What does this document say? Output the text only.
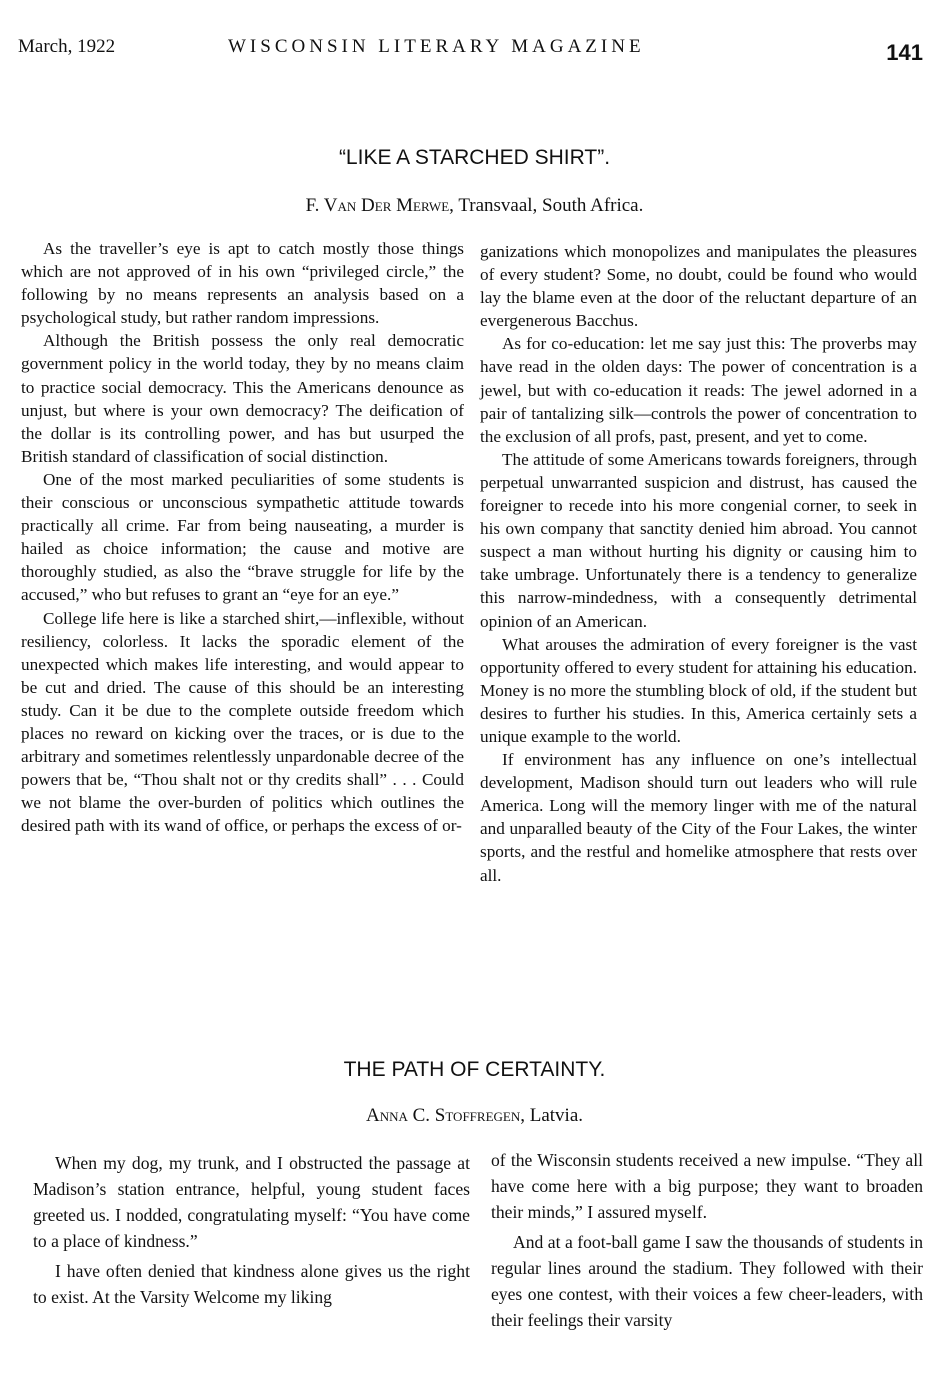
March, 1922	WISCONSIN LITERARY MAGAZINE	141
“LIKE A STARCHED SHIRT”.
F. Van Der Merwe, Transvaal, South Africa.

As the traveller’s eye is apt to catch mostly those things which are not approved of in his own “privileged circle,” the following by no means represents an analysis based on a psychological study, but rather random impressions.

Although the British possess the only real democratic government policy in the world today, they by no means claim to practice social democracy. This the Americans denounce as unjust, but where is your own democracy? The deification of the dollar is its controlling power, and has but usurped the British standard of classification of social distinction.

One of the most marked peculiarities of some students is their conscious or unconscious sympathetic attitude towards practically all crime. Far from being nauseating, a murder is hailed as choice information; the cause and motive are thoroughly studied, as also the “brave struggle for life by the accused,” who but refuses to grant an “eye for an eye.”

College life here is like a starched shirt,—inflexible, without resiliency, colorless. It lacks the sporadic element of the unexpected which makes life interesting, and would appear to be cut and dried. The cause of this should be an interesting study. Can it be due to the complete outside freedom which places no reward on kicking over the traces, or is due to the arbitrary and sometimes relentlessly unpardonable decree of the powers that be, “Thou shalt not or thy credits shall” . . . Could we not blame the over-burden of politics which outlines the desired path with its wand of office, or perhaps the excess of or-

ganizations which monopolizes and manipulates the pleasures of every student? Some, no doubt, could be found who would lay the blame even at the door of the reluctant departure of an evergenerous Bacchus.

As for co-education: let me say just this: The proverbs may have read in the olden days: The power of concentration is a jewel, but with co-education it reads: The jewel adorned in a pair of tantalizing silk—controls the power of concentration to the exclusion of all profs, past, present, and yet to come.

The attitude of some Americans towards foreigners, through perpetual unwarranted suspicion and distrust, has caused the foreigner to recede into his more congenial corner, to seek in his own company that sanctity denied him abroad. You cannot suspect a man without hurting his dignity or causing him to take umbrage. Unfortunately there is a tendency to generalize this narrow-mindedness, with a consequently detrimental opinion of an American.

What arouses the admiration of every foreigner is the vast opportunity offered to every student for attaining his education. Money is no more the stumbling block of old, if the student but desires to further his studies. In this, America certainly sets a unique example to the world.

If environment has any influence on one’s intellectual development, Madison should turn out leaders who will rule America. Long will the memory linger with me of the natural and unparalled beauty of the City of the Four Lakes, the winter sports, and the restful and homelike atmosphere that rests over all.

THE PATH OF CERTAINTY.
Anna C. Stoffregen, Latvia.

When my dog, my trunk, and I obstructed the passage at Madison’s station entrance, helpful, young student faces greeted us. I nodded, congratulating myself: “You have come to a place of kindness.”

I have often denied that kindness alone gives us the right to exist. At the Varsity Welcome my liking

of the Wisconsin students received a new impulse. “They all have come here with a big purpose; they want to broaden their minds,” I assured myself.

And at a foot-ball game I saw the thousands of students in regular lines around the stadium. They followed with their eyes one contest, with their voices a few cheer-leaders, with their feelings their varsity
